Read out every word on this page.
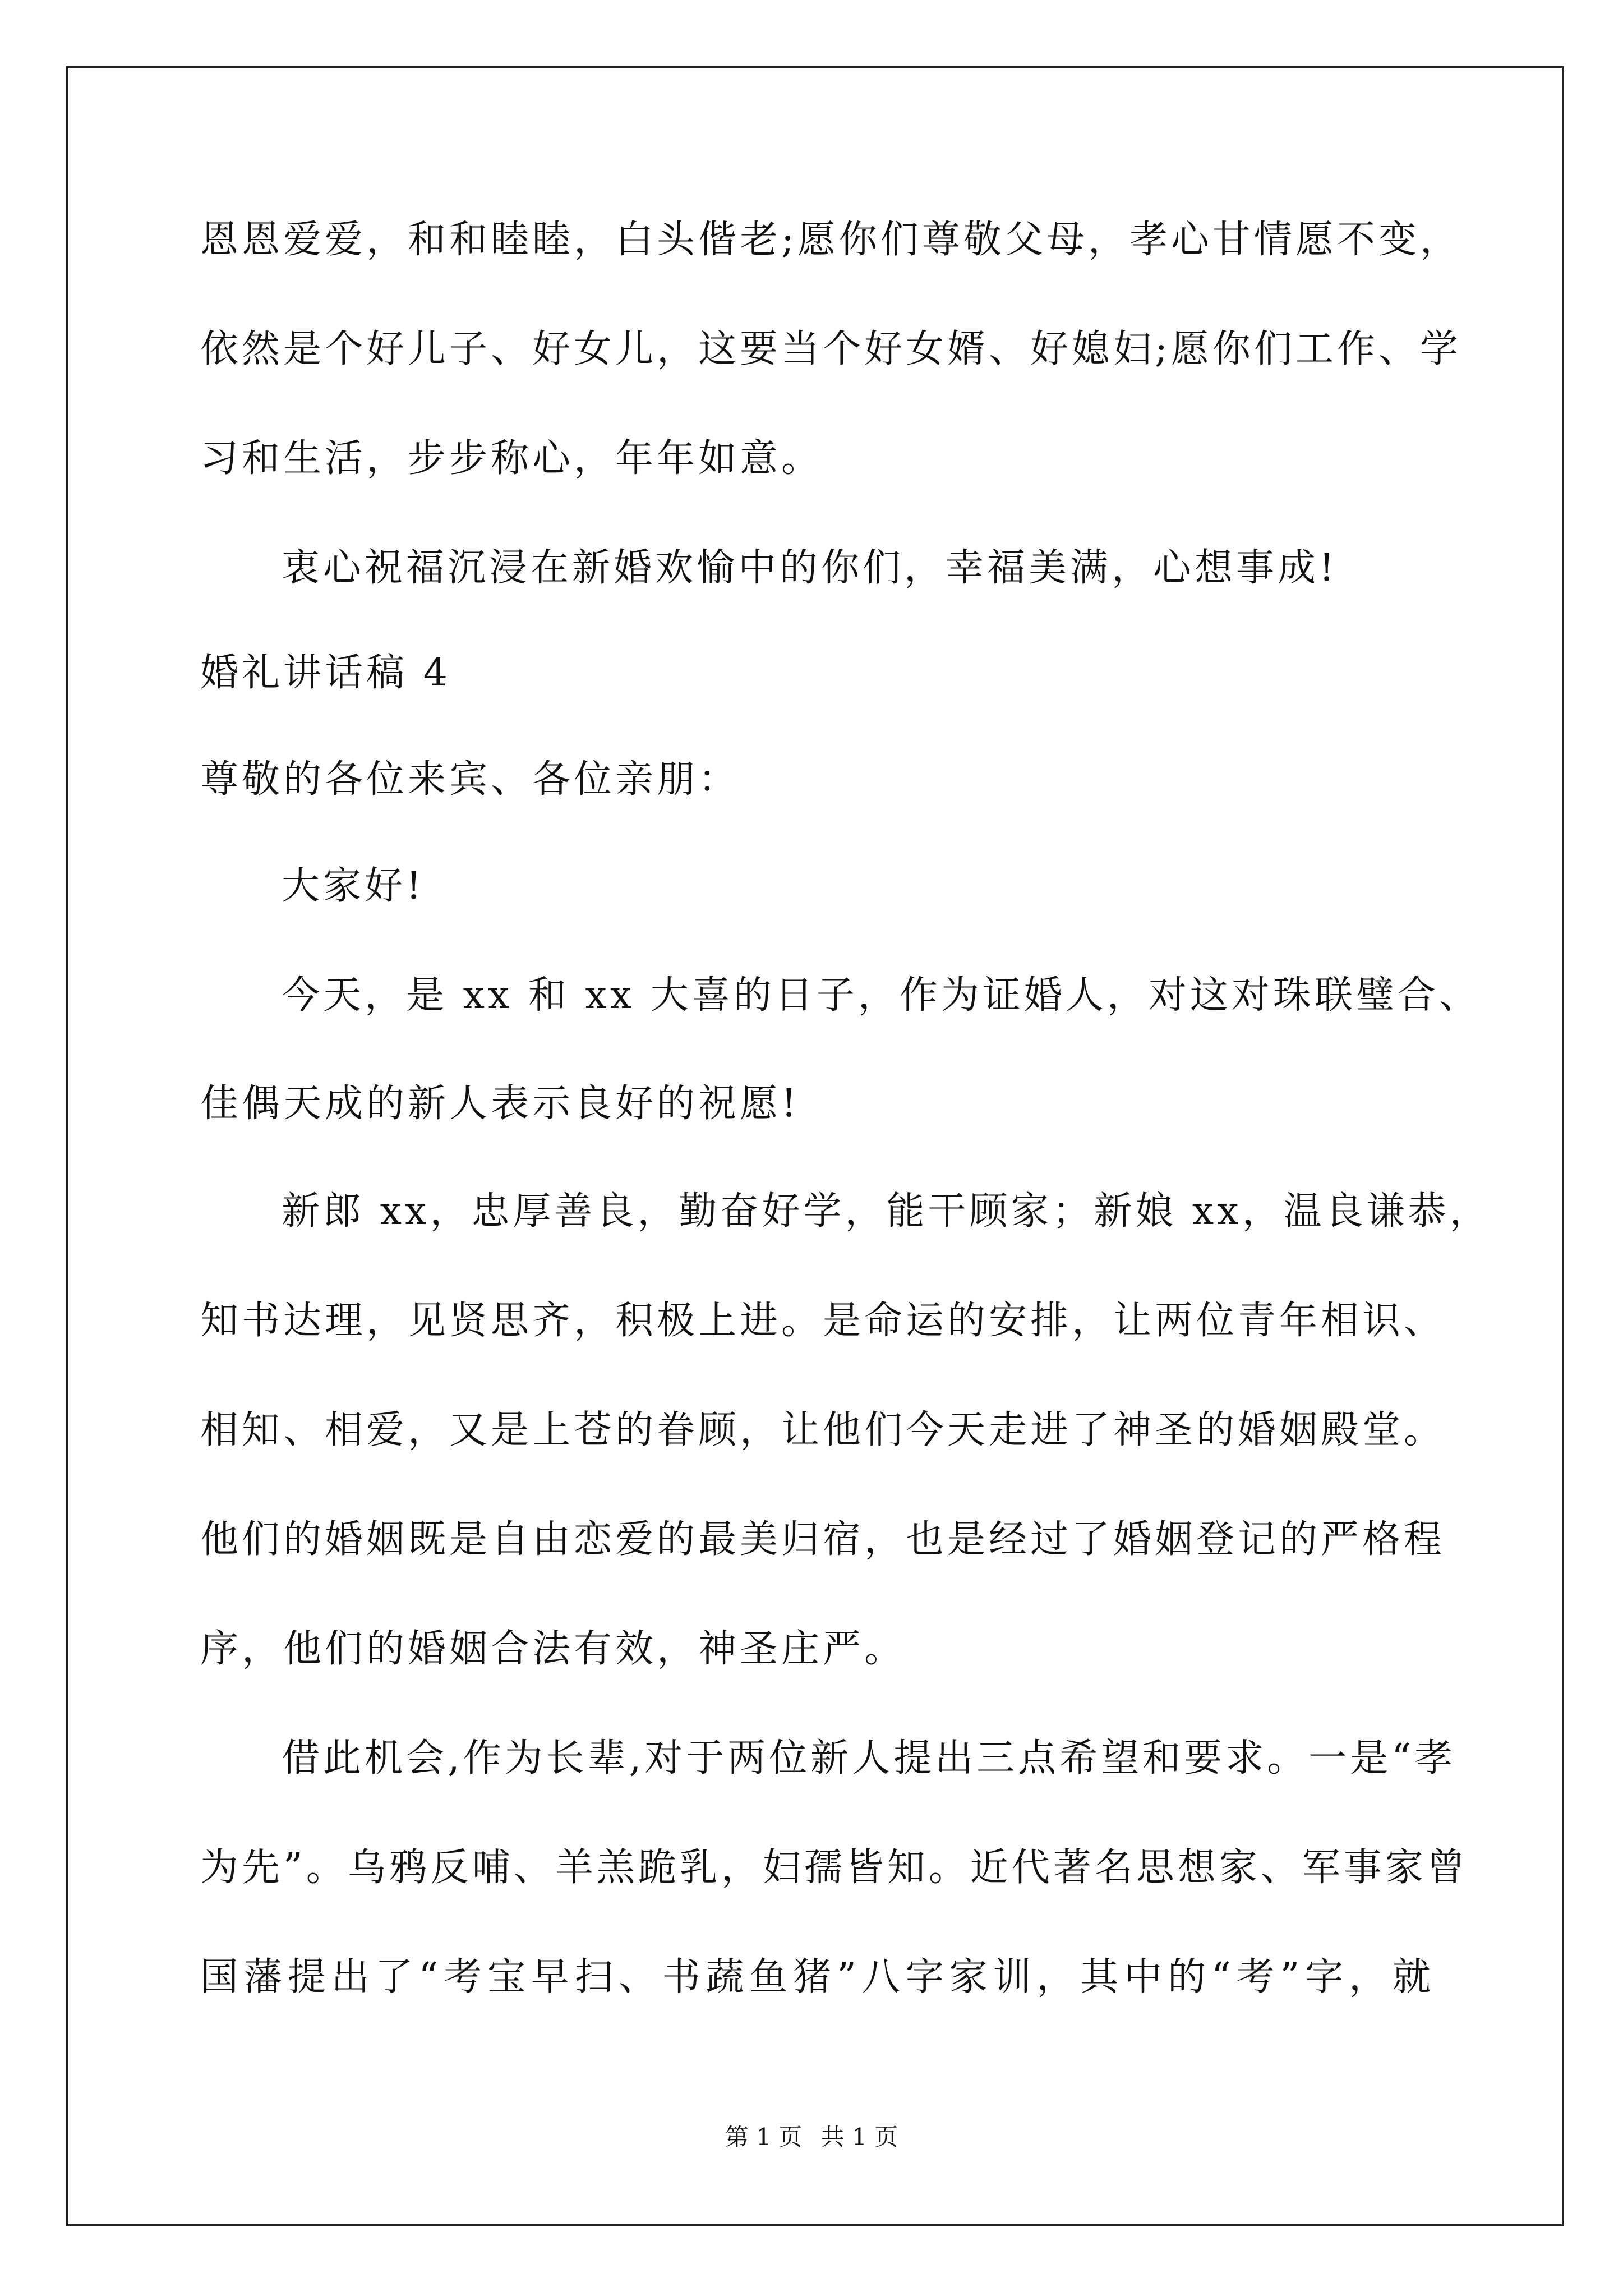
恩恩爱爱，和和睦睦，白头偕老;愿你们尊敬父母，孝心甘情愿不变，
依然是个好儿子、好女儿，这要当个好女婿、好媳妇;愿你们工作、学
习和生活，步步称心，年年如意。
衷心祝福沉浸在新婚欢愉中的你们，幸福美满，心想事成!
婚礼讲话稿 4
尊敬的各位来宾、各位亲朋：
大家好!
今天，是 xx 和 xx 大喜的日子，作为证婚人，对这对珠联璧合、
佳偶天成的新人表示良好的祝愿!
新郎 xx，忠厚善良，勤奋好学，能干顾家；新娘 xx，温良谦恭，
知书达理，见贤思齐，积极上进。是命运的安排，让两位青年相识、
相知、相爱，又是上苍的眷顾，让他们今天走进了神圣的婚姻殿堂。
他们的婚姻既是自由恋爱的最美归宿，也是经过了婚姻登记的严格程
序，他们的婚姻合法有效，神圣庄严。
借此机会,作为长辈,对于两位新人提出三点希望和要求。一是“孝
为先”。乌鸦反哺、羊羔跪乳，妇孺皆知。近代著名思想家、军事家曾
国藩提出了“考宝早扫、书蔬鱼猪”八字家训，其中的“考”字，就
第 1 页 共 1 页
